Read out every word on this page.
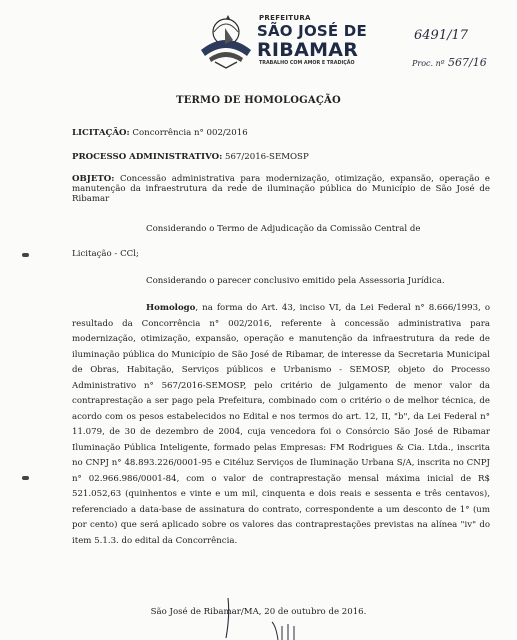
PREFEITURA
SÃO JOSÉ DE
RIBAMAR
TRABALHO COM AMOR E TRADIÇÃO
6491/17
Proc. nº 567/16
TERMO DE HOMOLOGAÇÃO
LICITAÇÃO: Concorrência n° 002/2016
PROCESSO ADMINISTRATIVO: 567/2016-SEMOSP
OBJETO: Concessão administrativa para modernização, otimização, expansão, operação e manutenção da infraestrutura da rede de iluminação pública do Município de São José de Ribamar
Considerando o Termo de Adjudicação da Comissão Central de
Licitação - CCl;
Considerando o parecer conclusivo emitido pela Assessoria Jurídica.
Homologo, na forma do Art. 43, inciso VI, da Lei Federal n° 8.666/1993, o resultado da Concorrência n° 002/2016, referente à concessão administrativa para modernização, otimização, expansão, operação e manutenção da infraestrutura da rede de iluminação pública do Município de São José de Ribamar, de interesse da Secretaria Municipal de Obras, Habitação, Serviços públicos e Urbanismo - SEMOSP, objeto do Processo Administrativo n° 567/2016-SEMOSP, pelo critério de julgamento de menor valor da contraprestação a ser pago pela Prefeitura, combinado com o critério o de melhor técnica, de acordo com os pesos estabelecidos no Edital e nos termos do art. 12, II, "b", da Lei Federal n° 11.079, de 30 de dezembro de 2004, cuja vencedora foi o Consórcio São José de Ribamar Iluminação Pública Inteligente, formado pelas Empresas: FM Rodrigues & Cia. Ltda., inscrita no CNPJ n° 48.893.226/0001-95 e Citéluz Serviços de Iluminação Urbana S/A, inscrita no CNPJ n° 02.966.986/0001-84, com o valor de contraprestação mensal máxima inicial de R$ 521.052,63 (quinhentos e vinte e um mil, cinquenta e dois reais e sessenta e três centavos), referenciado a data-base de assinatura do contrato, correspondente a um desconto de 1° (um por cento) que será aplicado sobre os valores das contraprestações previstas na alínea "iv" do item 5.1.3. do edital da Concorrência.
São José de Ribamar/MA, 20 de outubro de 2016.
